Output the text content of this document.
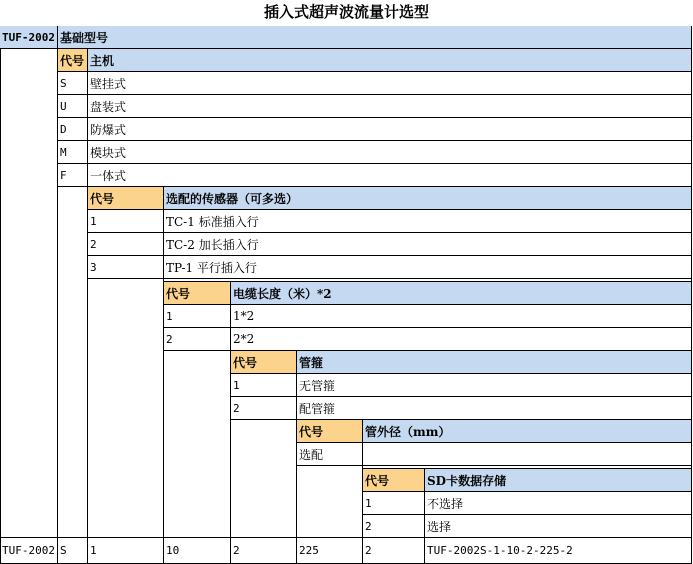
插入式超声波流量计选型
TUF-2002 基础型号
代号 主机
S	壁挂式
U	盘装式
D	防爆式
M	模块式
F	一体式
代号	选配的传感器（可多选）
1	TC-1 标准插入行
2	TC-2 加长插入行
3	TP-1 平行插入行
代号	电缆长度（米）*2
1	1*2
2	2*2
代号	管箍
1	无管箍
2	配管箍
代号	管外径（mm）
选配
代号	SD卡数据存储
1	不选择
2	选择
TUF-2002 S	1	10	2	225	2	TUF-2002S-1-10-2-225-2
